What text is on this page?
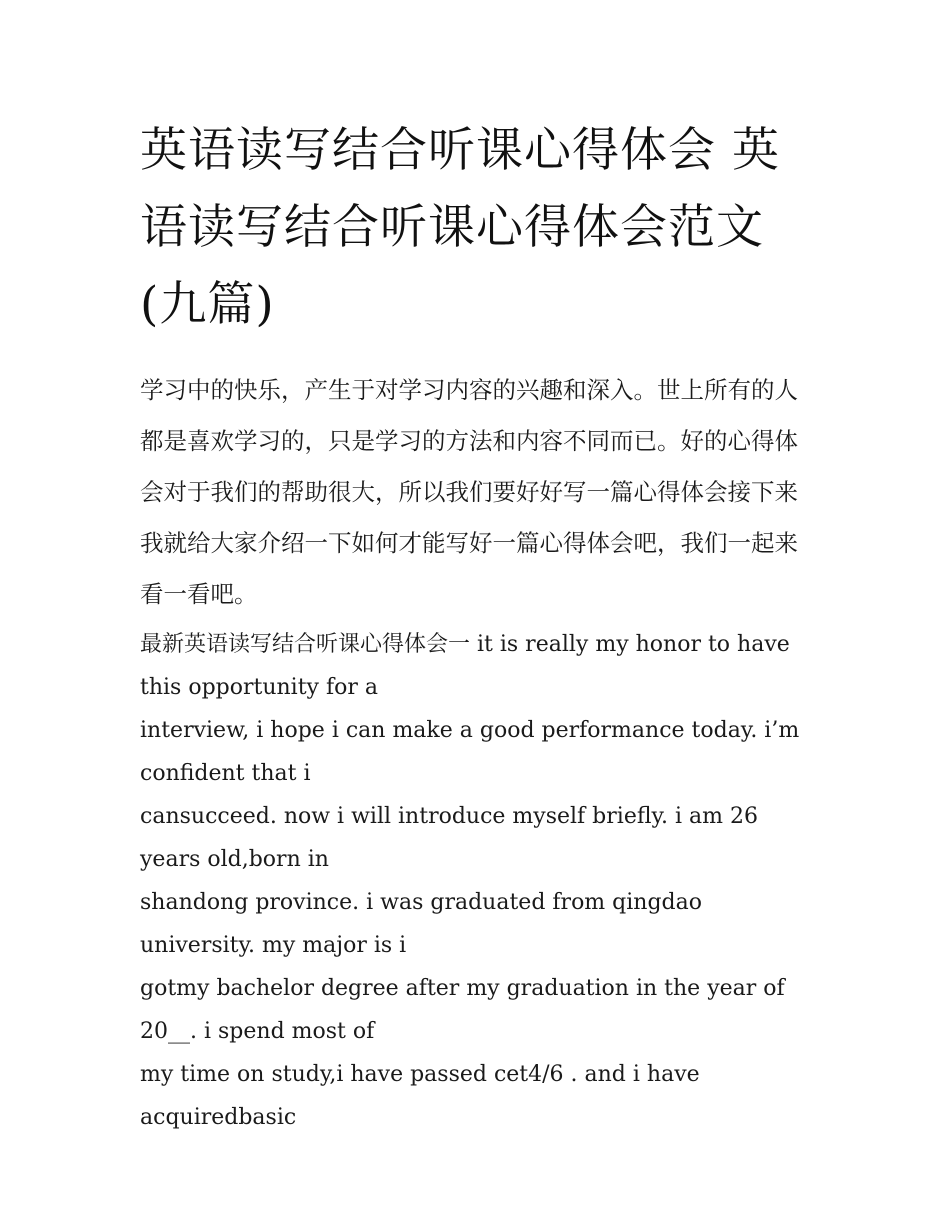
英语读写结合听课心得体会 英语读写结合听课心得体会范文(九篇)

学习中的快乐，产生于对学习内容的兴趣和深入。世上所有的人都是喜欢学习的，只是学习的方法和内容不同而已。好的心得体会对于我们的帮助很大，所以我们要好好写一篇心得体会接下来我就给大家介绍一下如何才能写好一篇心得体会吧，我们一起来看一看吧。

最新英语读写结合听课心得体会一 it is really my honor to have this opportunity for a
interview, i hope i can make a good performance today. i’m confident that i
cansucceed. now i will introduce myself briefly. i am 26 years old,born in
shandong province. i was graduated from qingdao university. my major is i
gotmy bachelor degree after my graduation in the year of 20__. i spend most of
my time on study,i have passed cet4/6 . and i have acquiredbasic
